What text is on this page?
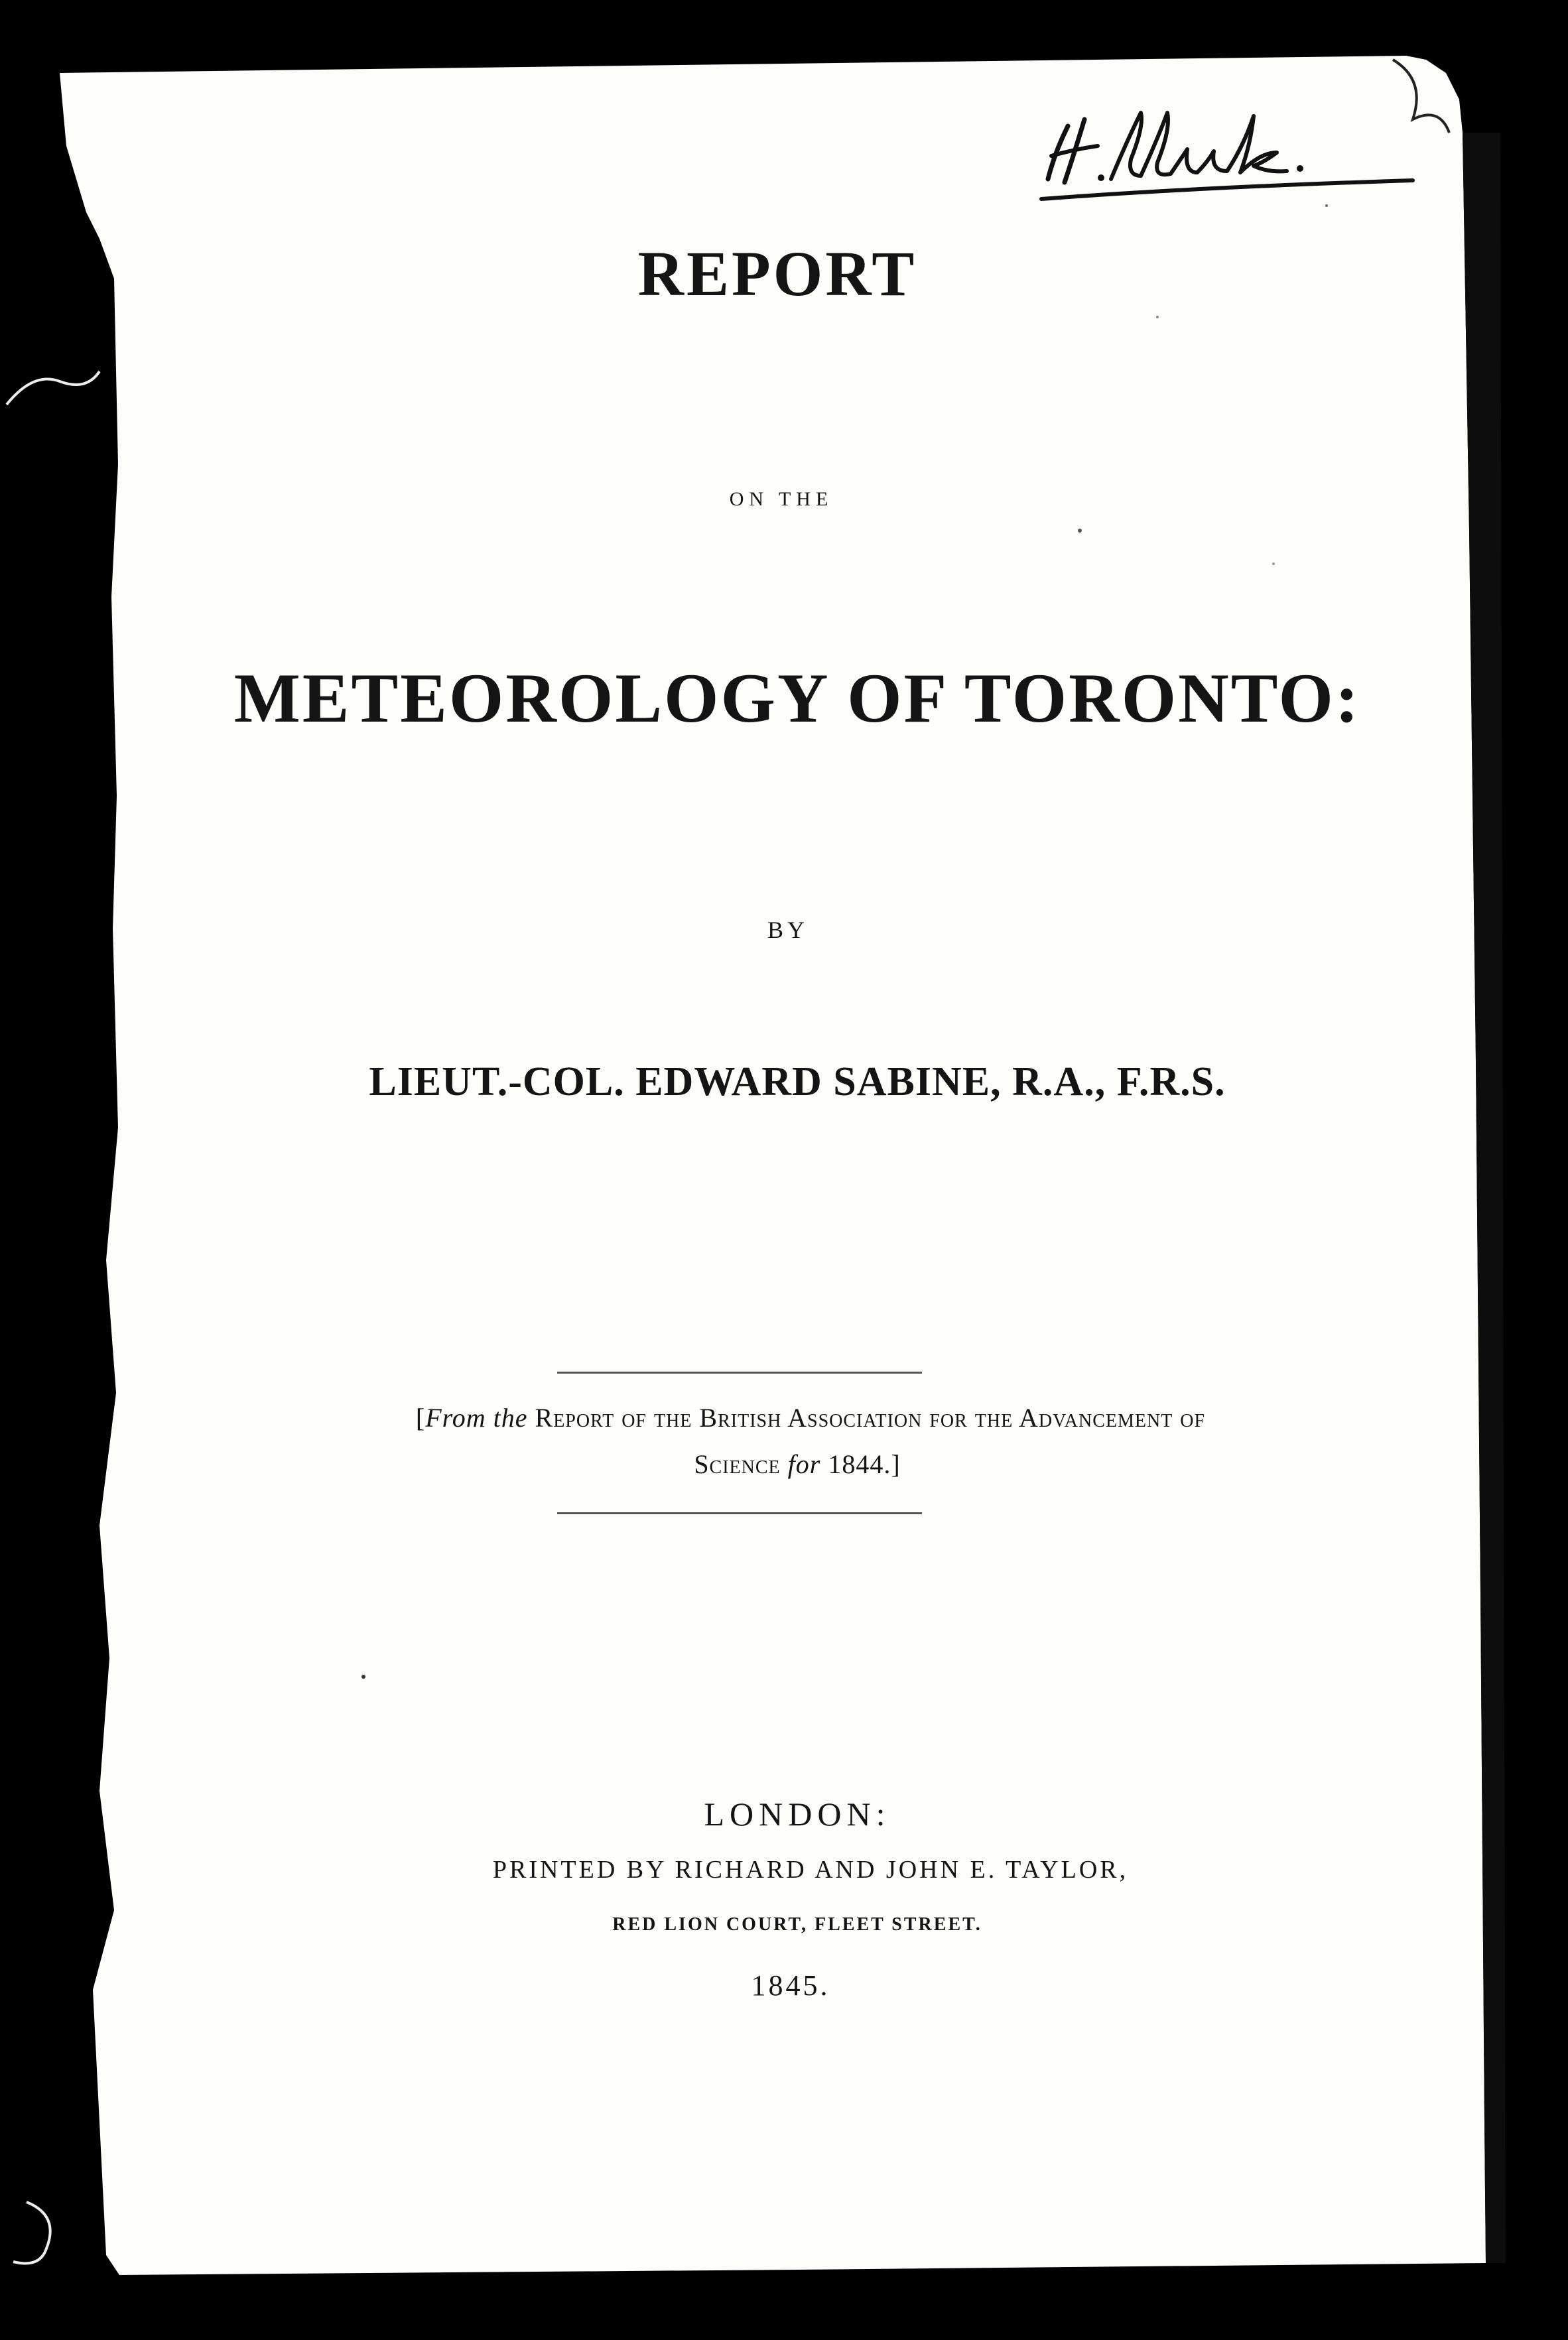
REPORT
ON THE
METEOROLOGY OF TORONTO:
BY
LIEUT.-COL. EDWARD SABINE, R.A., F.R.S.
[From the Report of the British Association for the Advancement of
Science for 1844.]
LONDON:
PRINTED BY RICHARD AND JOHN E. TAYLOR,
RED LION COURT, FLEET STREET.
1845.
